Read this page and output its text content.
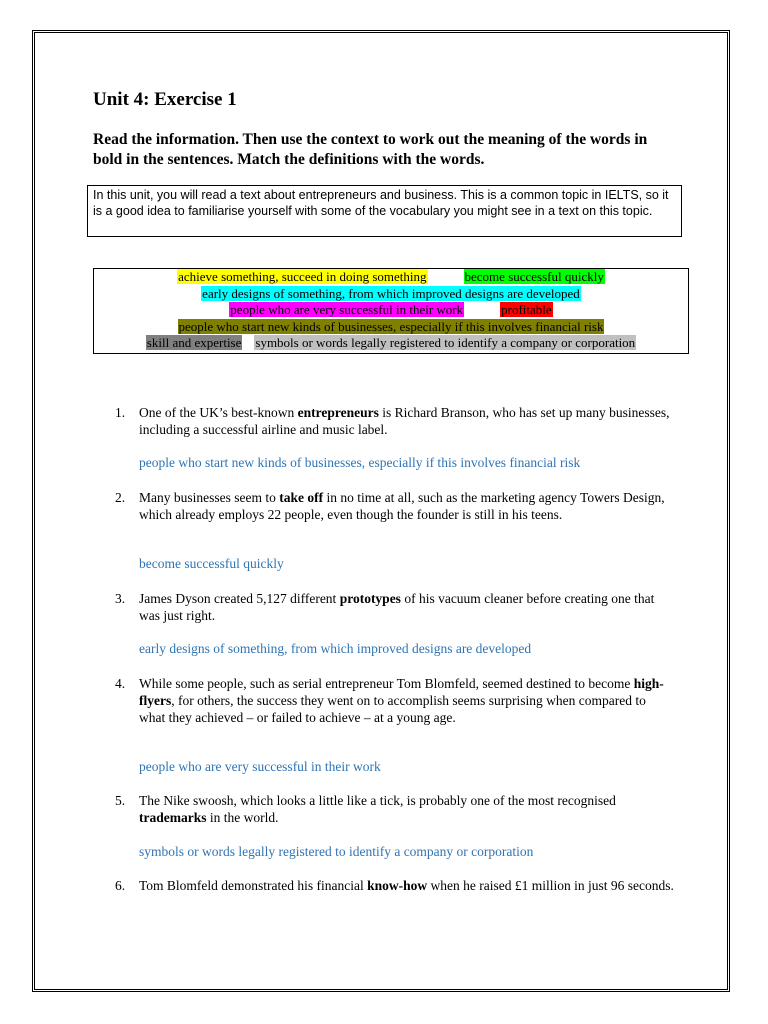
Unit 4: Exercise 1

Read the information. Then use the context to work out the meaning of the words in bold in the sentences. Match the definitions with the words.

In this unit, you will read a text about entrepreneurs and business. This is a common topic in IELTS, so it is a good idea to familiarise yourself with some of the vocabulary you might see in a text on this topic.
achieve something, succeed in doing something	become successful quickly
early designs of something, from which improved designs are developed
people who are very successful in their work	profitable
people who start new kinds of businesses, especially if this involves financial risk
skill and expertise symbols or words legally registered to identify a company or corporation
1. One of the UK’s best-known entrepreneurs is Richard Branson, who has set up many businesses, including a successful airline and music label.
people who start new kinds of businesses, especially if this involves financial risk
2. Many businesses seem to take off in no time at all, such as the marketing agency Towers Design, which already employs 22 people, even though the founder is still in his teens.
become successful quickly
3. James Dyson created 5,127 different prototypes of his vacuum cleaner before creating one that was just right.
early designs of something, from which improved designs are developed
4. While some people, such as serial entrepreneur Tom Blomfeld, seemed destined to become high-flyers, for others, the success they went on to accomplish seems surprising when compared to what they achieved – or failed to achieve – at a young age.
people who are very successful in their work
5. The Nike swoosh, which looks a little like a tick, is probably one of the most recognised trademarks in the world.
symbols or words legally registered to identify a company or corporation
6. Tom Blomfeld demonstrated his financial know-how when he raised £1 million in just 96 seconds.
